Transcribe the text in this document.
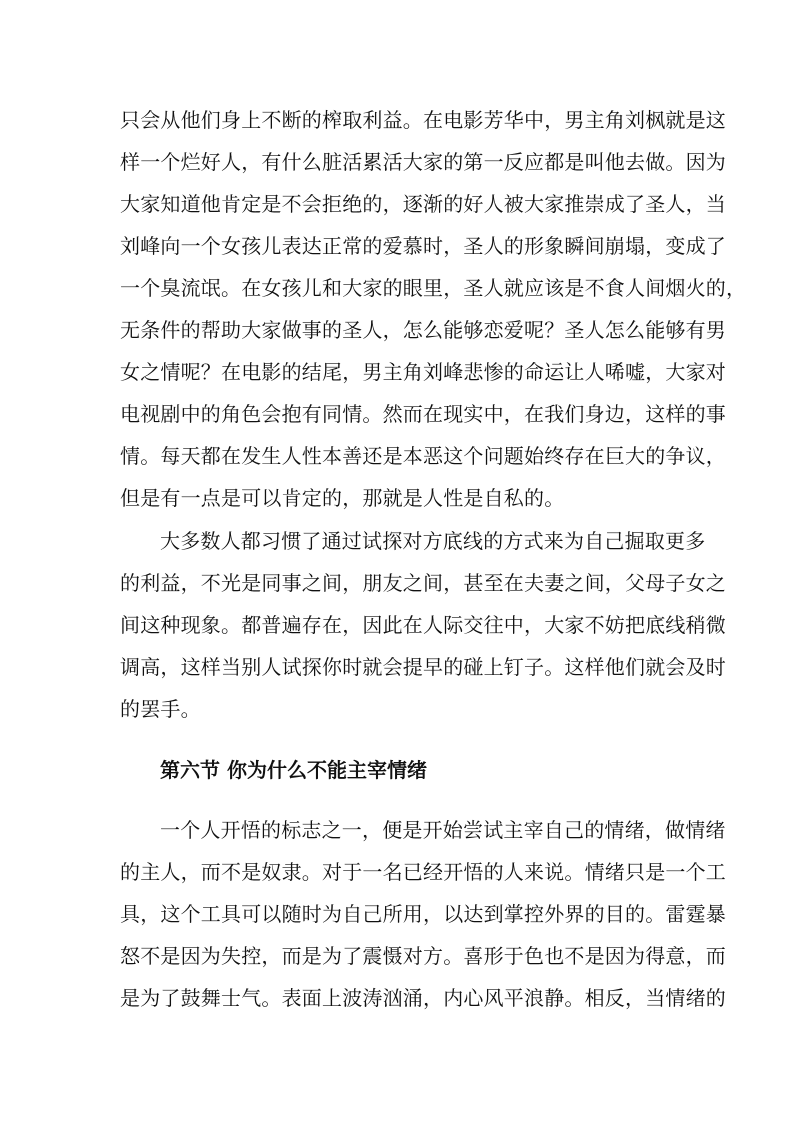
只会从他们身上不断的榨取利益。在电影芳华中，男主角刘枫就是这
样一个烂好人，有什么脏活累活大家的第一反应都是叫他去做。因为
大家知道他肯定是不会拒绝的，逐渐的好人被大家推崇成了圣人，当
刘峰向一个女孩儿表达正常的爱慕时，圣人的形象瞬间崩塌，变成了
一个臭流氓。在女孩儿和大家的眼里，圣人就应该是不食人间烟火的，
无条件的帮助大家做事的圣人，怎么能够恋爱呢？圣人怎么能够有男
女之情呢？在电影的结尾，男主角刘峰悲惨的命运让人唏嘘，大家对
电视剧中的角色会抱有同情。然而在现实中，在我们身边，这样的事
情。每天都在发生人性本善还是本恶这个问题始终存在巨大的争议，
但是有一点是可以肯定的，那就是人性是自私的。
大多数人都习惯了通过试探对方底线的方式来为自己掘取更多
的利益，不光是同事之间，朋友之间，甚至在夫妻之间，父母子女之
间这种现象。都普遍存在，因此在人际交往中，大家不妨把底线稍微
调高，这样当别人试探你时就会提早的碰上钉子。这样他们就会及时
的罢手。
第六节 你为什么不能主宰情绪
一个人开悟的标志之一，便是开始尝试主宰自己的情绪，做情绪
的主人，而不是奴隶。对于一名已经开悟的人来说。情绪只是一个工
具，这个工具可以随时为自己所用，以达到掌控外界的目的。雷霆暴
怒不是因为失控，而是为了震慑对方。喜形于色也不是因为得意，而
是为了鼓舞士气。表面上波涛汹涌，内心风平浪静。相反，当情绪的
